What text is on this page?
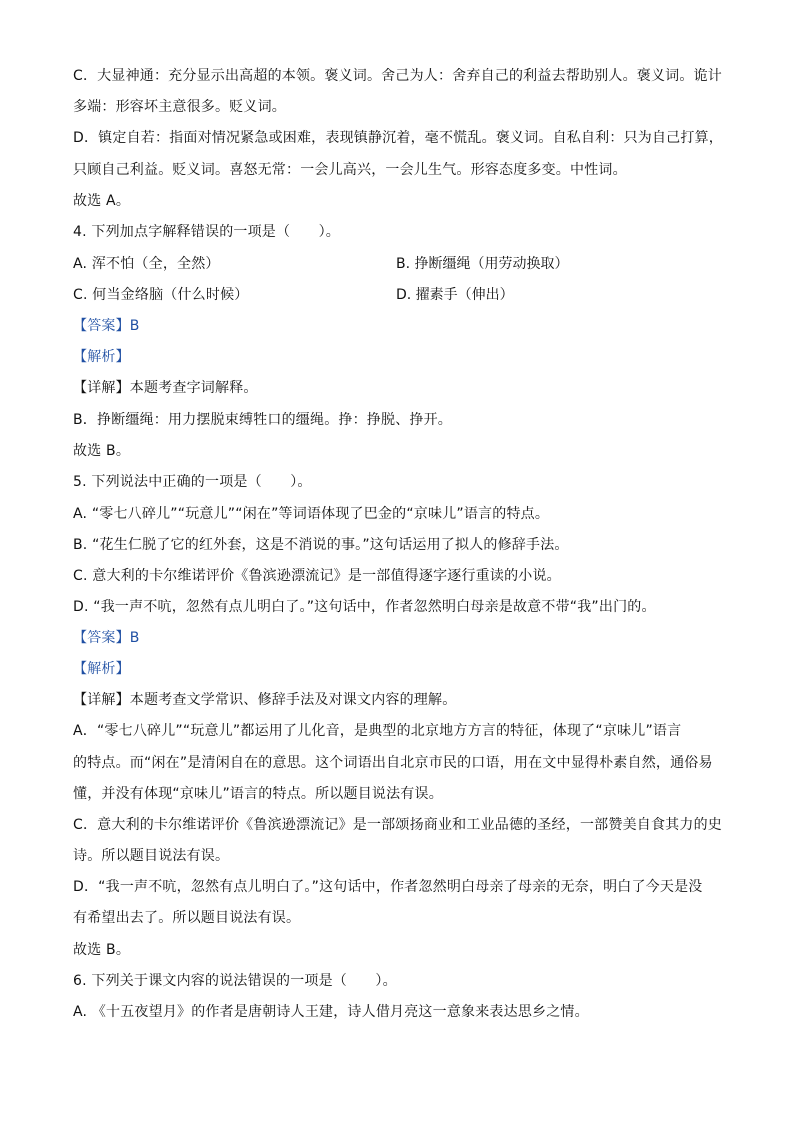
C．大显神通：充分显示出高超的本领。褒义词。舍己为人：舍弃自己的利益去帮助别人。褒义词。诡计
多端：形容坏主意很多。贬义词。
D．镇定自若：指面对情况紧急或困难，表现镇静沉着，毫不慌乱。褒义词。自私自利：只为自己打算，
只顾自己利益。贬义词。喜怒无常：一会儿高兴，一会儿生气。形容态度多变。中性词。
故选 A。
4. 下列加点字解释错误的一项是（　　）。
A. 浑不怕（全，全然）	B. 挣断缰绳（用劳动换取）
C. 何当金络脑（什么时候）	D. 擢素手（伸出）
【答案】B
【解析】
【详解】本题考查字词解释。
B．挣断缰绳：用力摆脱束缚牲口的缰绳。挣：挣脱、挣开。
故选 B。
5. 下列说法中正确的一项是（　　）。
A. “零七八碎儿”“玩意儿”“闲在”等词语体现了巴金的“京味儿”语言的特点。
B. “花生仁脱了它的红外套，这是不消说的事。”这句话运用了拟人的修辞手法。
C. 意大利的卡尔维诺评价《鲁滨逊漂流记》是一部值得逐字逐行重读的小说。
D. “我一声不吭，忽然有点儿明白了。”这句话中，作者忽然明白母亲是故意不带“我”出门的。
【答案】B
【解析】
【详解】本题考查文学常识、修辞手法及对课文内容的理解。
A．“零七八碎儿”“玩意儿”都运用了儿化音，是典型的北京地方方言的特征，体现了“京味儿”语言
的特点。而“闲在”是清闲自在的意思。这个词语出自北京市民的口语，用在文中显得朴素自然，通俗易
懂，并没有体现“京味儿”语言的特点。所以题目说法有误。
C．意大利的卡尔维诺评价《鲁滨逊漂流记》是一部颂扬商业和工业品德的圣经，一部赞美自食其力的史
诗。所以题目说法有误。
D．“我一声不吭，忽然有点儿明白了。”这句话中，作者忽然明白母亲了母亲的无奈，明白了今天是没
有希望出去了。所以题目说法有误。
故选 B。
6. 下列关于课文内容的说法错误的一项是（　　）。
A. 《十五夜望月》的作者是唐朝诗人王建，诗人借月亮这一意象来表达思乡之情。
